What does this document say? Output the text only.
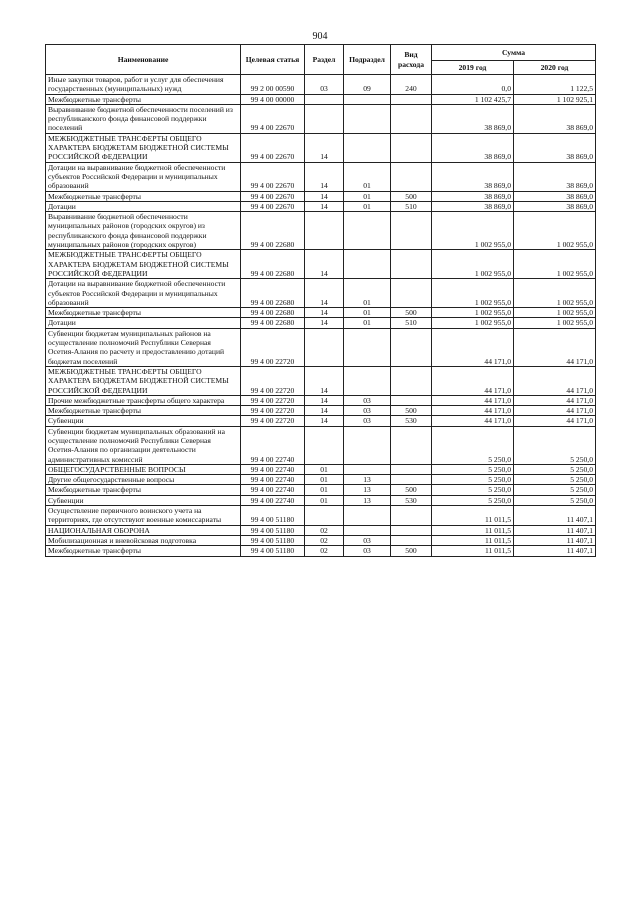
904
Наименование	Целевая статья	Раздел	Подраздел	Вид расхода	Сумма	
					2019 год	2020 год
Иные закупки товаров, работ и услуг для обеспечения государственных (муниципальных) нужд	99 2 00 00590	03	09	240	0,0	1 122,5
Межбюджетные трансферты	99 4 00 00000				1 102 425,7	1 102 925,1
Выравнивание бюджетной обеспеченности поселений из республиканского фонда финансовой поддержки поселений	99 4 00 22670				38 869,0	38 869,0
МЕЖБЮДЖЕТНЫЕ ТРАНСФЕРТЫ ОБЩЕГО ХАРАКТЕРА БЮДЖЕТАМ БЮДЖЕТНОЙ СИСТЕМЫ РОССИЙСКОЙ ФЕДЕРАЦИИ	99 4 00 22670	14			38 869,0	38 869,0
Дотации на выравнивание бюджетной обеспеченности субъектов Российской Федерации и муниципальных образований	99 4 00 22670	14	01		38 869,0	38 869,0
Межбюджетные трансферты	99 4 00 22670	14	01	500	38 869,0	38 869,0
Дотации	99 4 00 22670	14	01	510	38 869,0	38 869,0
Выравнивание бюджетной обеспеченности муниципальных районов (городских округов) из республиканского фонда финансовой поддержки муниципальных районов (городских округов)	99 4 00 22680				1 002 955,0	1 002 955,0
МЕЖБЮДЖЕТНЫЕ ТРАНСФЕРТЫ ОБЩЕГО ХАРАКТЕРА БЮДЖЕТАМ БЮДЖЕТНОЙ СИСТЕМЫ РОССИЙСКОЙ ФЕДЕРАЦИИ	99 4 00 22680	14			1 002 955,0	1 002 955,0
Дотации на выравнивание бюджетной обеспеченности субъектов Российской Федерации и муниципальных образований	99 4 00 22680	14	01		1 002 955,0	1 002 955,0
Межбюджетные трансферты	99 4 00 22680	14	01	500	1 002 955,0	1 002 955,0
Дотации	99 4 00 22680	14	01	510	1 002 955,0	1 002 955,0
Субвенции бюджетам муниципальных районов на осуществление полномочий Республики Северная Осетия-Алания по расчету и предоставлению дотаций бюджетам поселений	99 4 00 22720				44 171,0	44 171,0
МЕЖБЮДЖЕТНЫЕ ТРАНСФЕРТЫ ОБЩЕГО ХАРАКТЕРА БЮДЖЕТАМ БЮДЖЕТНОЙ СИСТЕМЫ РОССИЙСКОЙ ФЕДЕРАЦИИ	99 4 00 22720	14			44 171,0	44 171,0
Прочие межбюджетные трансферты общего характера	99 4 00 22720	14	03		44 171,0	44 171,0
Межбюджетные трансферты	99 4 00 22720	14	03	500	44 171,0	44 171,0
Субвенции	99 4 00 22720	14	03	530	44 171,0	44 171,0
Субвенции бюджетам муниципальных образований на осуществление полномочий Республики Северная Осетия-Алания по организации деятельности административных комиссий	99 4 00 22740				5 250,0	5 250,0
ОБЩЕГОСУДАРСТВЕННЫЕ ВОПРОСЫ	99 4 00 22740	01			5 250,0	5 250,0
Другие общегосударственные вопросы	99 4 00 22740	01	13		5 250,0	5 250,0
Межбюджетные трансферты	99 4 00 22740	01	13	500	5 250,0	5 250,0
Субвенции	99 4 00 22740	01	13	530	5 250,0	5 250,0
Осуществление первичного воинского учета на территориях, где отсутствуют военные комиссариаты	99 4 00 51180				11 011,5	11 407,1
НАЦИОНАЛЬНАЯ ОБОРОНА	99 4 00 51180	02			11 011,5	11 407,1
Мобилизационная и вневойсковая подготовка	99 4 00 51180	02	03		11 011,5	11 407,1
Межбюджетные трансферты	99 4 00 51180	02	03	500	11 011,5	11 407,1
